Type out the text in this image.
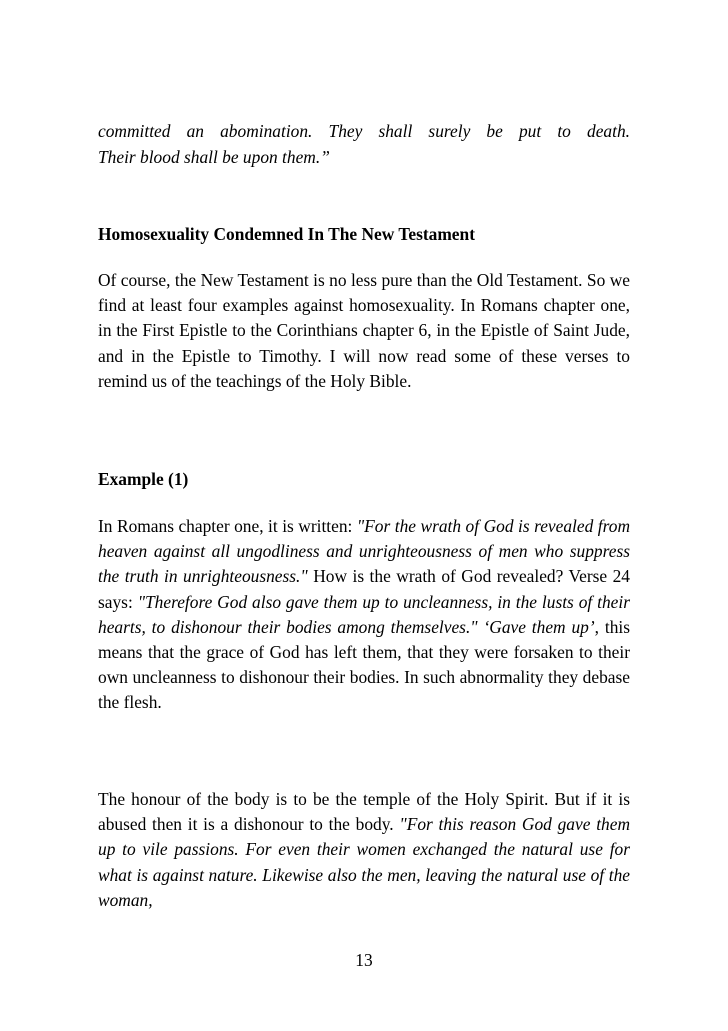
committed an abomination. They shall surely be put to death.

Their blood shall be upon them.”

Homosexuality Condemned In The New Testament

Of course, the New Testament is no less pure than the Old Testament. So we find at least four examples against homosexuality. In Romans chapter one, in the First Epistle to the Corinthians chapter 6, in the Epistle of Saint Jude, and in the Epistle to Timothy. I will now read some of these verses to remind us of the teachings of the Holy Bible.

Example (1)

In Romans chapter one, it is written: "For the wrath of God is revealed from heaven against all ungodliness and unrighteousness of men who suppress the truth in unrighteousness." How is the wrath of God revealed? Verse 24 says: "Therefore God also gave them up to uncleanness, in the lusts of their hearts, to dishonour their bodies among themselves." ‘Gave them up’, this means that the grace of God has left them, that they were forsaken to their own uncleanness to dishonour their bodies. In such abnormality they debase the flesh.

The honour of the body is to be the temple of the Holy Spirit. But if it is abused then it is a dishonour to the body. "For this reason God gave them up to vile passions. For even their women exchanged the natural use for what is against nature. Likewise also the men, leaving the natural use of the woman,

13
